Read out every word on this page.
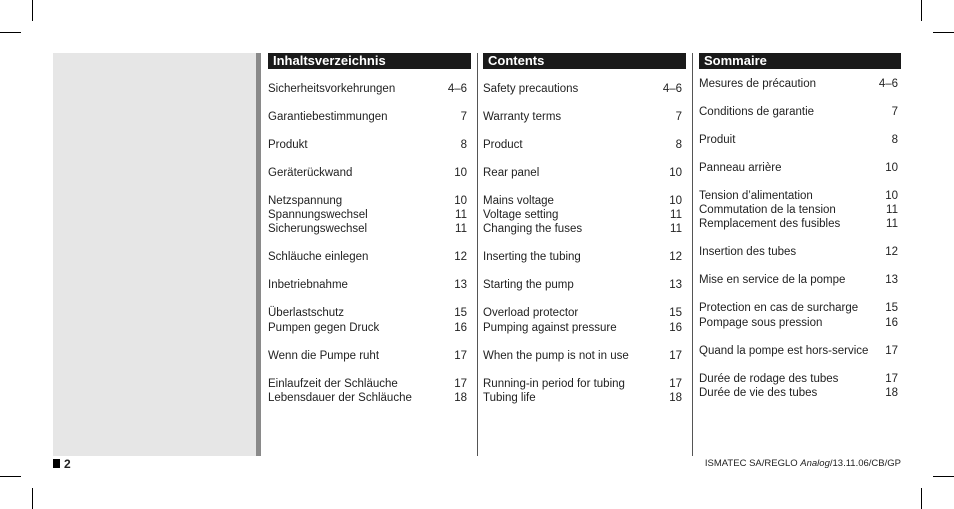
Inhaltsverzeichnis
Sicherheitsvorkehrungen	4–6
Garantiebestimmungen	7
Produkt	8
Geräterückwand	10
Netzspannung	10
Spannungswechsel	11
Sicherungswechsel	11
Schläuche einlegen	12
Inbetriebnahme	13
Überlastschutz	15
Pumpen gegen Druck	16
Wenn die Pumpe ruht	17
Einlaufzeit der Schläuche	17
Lebensdauer der Schläuche	18
Contents
Safety precautions	4–6
Warranty terms	7
Product	8
Rear panel	10
Mains voltage	10
Voltage setting	11
Changing the fuses	11
Inserting the tubing	12
Starting the pump	13
Overload protector	15
Pumping against pressure	16
When the pump is not in use	17
Running-in period for tubing	17
Tubing life	18
Sommaire
Mesures de précaution	4–6
Conditions de garantie	7
Produit	8
Panneau arrière	10
Tension d’alimentation	10
Commutation de la tension	11
Remplacement des fusibles	11
Insertion des tubes	12
Mise en service de la pompe	13
Protection en cas de surcharge 15
Pompage sous pression	16
Quand la pompe est hors-service 17
Durée de rodage des tubes	17
Durée de vie des tubes	18
2	ISMATEC SA/REGLO Analog/13.11.06/CB/GP
